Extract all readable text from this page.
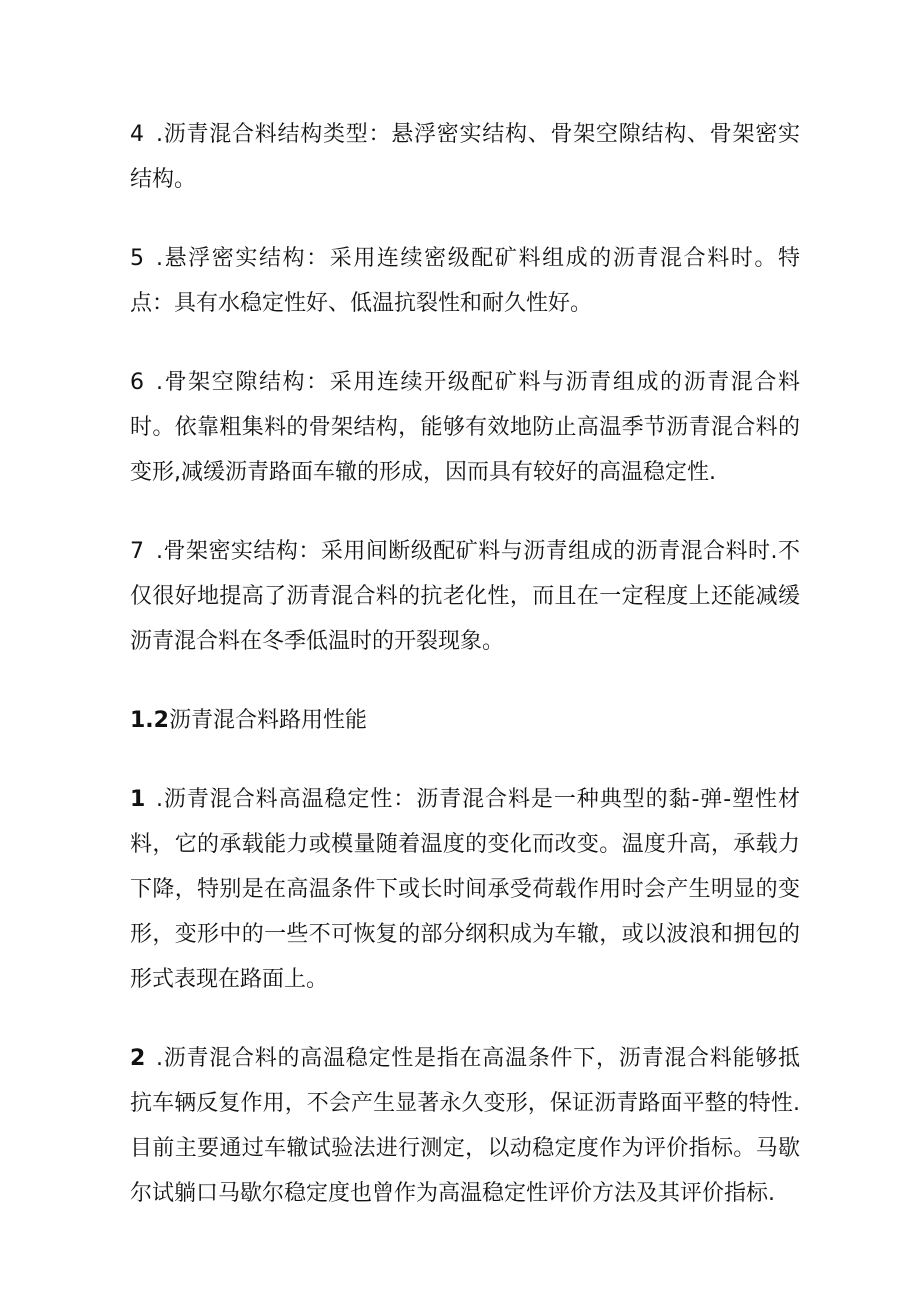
4 .沥青混合料结构类型：悬浮密实结构、骨架空隙结构、骨架密实结构。

5 .悬浮密实结构：采用连续密级配矿料组成的沥青混合料时。特点：具有水稳定性好、低温抗裂性和耐久性好。

6 .骨架空隙结构：采用连续开级配矿料与沥青组成的沥青混合料时。依靠粗集料的骨架结构，能够有效地防止高温季节沥青混合料的变形,减缓沥青路面车辙的形成，因而具有较好的高温稳定性.

7 .骨架密实结构：采用间断级配矿料与沥青组成的沥青混合料时.不仅很好地提高了沥青混合料的抗老化性，而且在一定程度上还能减缓沥青混合料在冬季低温时的开裂现象。

1.2沥青混合料路用性能

1 .沥青混合料高温稳定性：沥青混合料是一种典型的黏-弹-塑性材料，它的承载能力或模量随着温度的变化而改变。温度升高，承载力下降，特别是在高温条件下或长时间承受荷载作用时会产生明显的变形，变形中的一些不可恢复的部分纲积成为车辙，或以波浪和拥包的形式表现在路面上。

2 .沥青混合料的高温稳定性是指在高温条件下，沥青混合料能够抵抗车辆反复作用，不会产生显著永久变形，保证沥青路面平整的特性.目前主要通过车辙试验法进行测定，以动稳定度作为评价指标。马歇尔试躺口马歇尔稳定度也曾作为高温稳定性评价方法及其评价指标.
